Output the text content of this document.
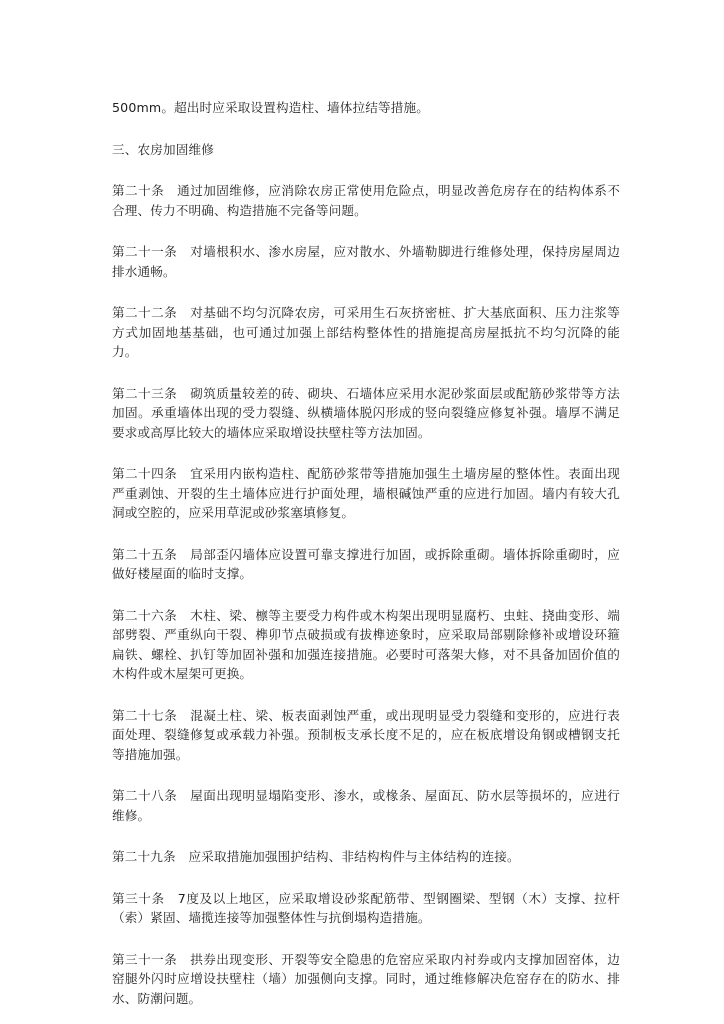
500mm。超出时应采取设置构造柱、墙体拉结等措施。

三、农房加固维修

第二十条　通过加固维修，应消除农房正常使用危险点，明显改善危房存在的结构体系不合理、传力不明确、构造措施不完备等问题。

第二十一条　对墙根积水、渗水房屋，应对散水、外墙勒脚进行维修处理，保持房屋周边排水通畅。

第二十二条　对基础不均匀沉降农房，可采用生石灰挤密桩、扩大基底面积、压力注浆等方式加固地基基础，也可通过加强上部结构整体性的措施提高房屋抵抗不均匀沉降的能力。

第二十三条　砌筑质量较差的砖、砌块、石墙体应采用水泥砂浆面层或配筋砂浆带等方法加固。承重墙体出现的受力裂缝、纵横墙体脱闪形成的竖向裂缝应修复补强。墙厚不满足要求或高厚比较大的墙体应采取增设扶壁柱等方法加固。

第二十四条　宜采用内嵌构造柱、配筋砂浆带等措施加强生土墙房屋的整体性。表面出现严重剥蚀、开裂的生土墙体应进行护面处理，墙根碱蚀严重的应进行加固。墙内有较大孔洞或空腔的，应采用草泥或砂浆塞填修复。

第二十五条　局部歪闪墙体应设置可靠支撑进行加固，或拆除重砌。墙体拆除重砌时，应做好楼屋面的临时支撑。

第二十六条　木柱、梁、檩等主要受力构件或木构架出现明显腐朽、虫蛀、挠曲变形、端部劈裂、严重纵向干裂、榫卯节点破损或有拔榫迹象时，应采取局部剔除修补或增设环箍扁铁、螺栓、扒钉等加固补强和加强连接措施。必要时可落架大修，对不具备加固价值的木构件或木屋架可更换。

第二十七条　混凝土柱、梁、板表面剥蚀严重，或出现明显受力裂缝和变形的，应进行表面处理、裂缝修复或承载力补强。预制板支承长度不足的，应在板底增设角钢或槽钢支托等措施加强。

第二十八条　屋面出现明显塌陷变形、渗水，或椽条、屋面瓦、防水层等损坏的，应进行维修。

第二十九条　应采取措施加强围护结构、非结构构件与主体结构的连接。

第三十条　7度及以上地区，应采取增设砂浆配筋带、型钢圈梁、型钢（木）支撑、拉杆（索）紧固、墙揽连接等加强整体性与抗倒塌构造措施。

第三十一条　拱券出现变形、开裂等安全隐患的危窑应采取内衬券或内支撑加固窑体，边窑腿外闪时应增设扶壁柱（墙）加强侧向支撑。同时，通过维修解决危窑存在的防水、排水、防潮问题。
